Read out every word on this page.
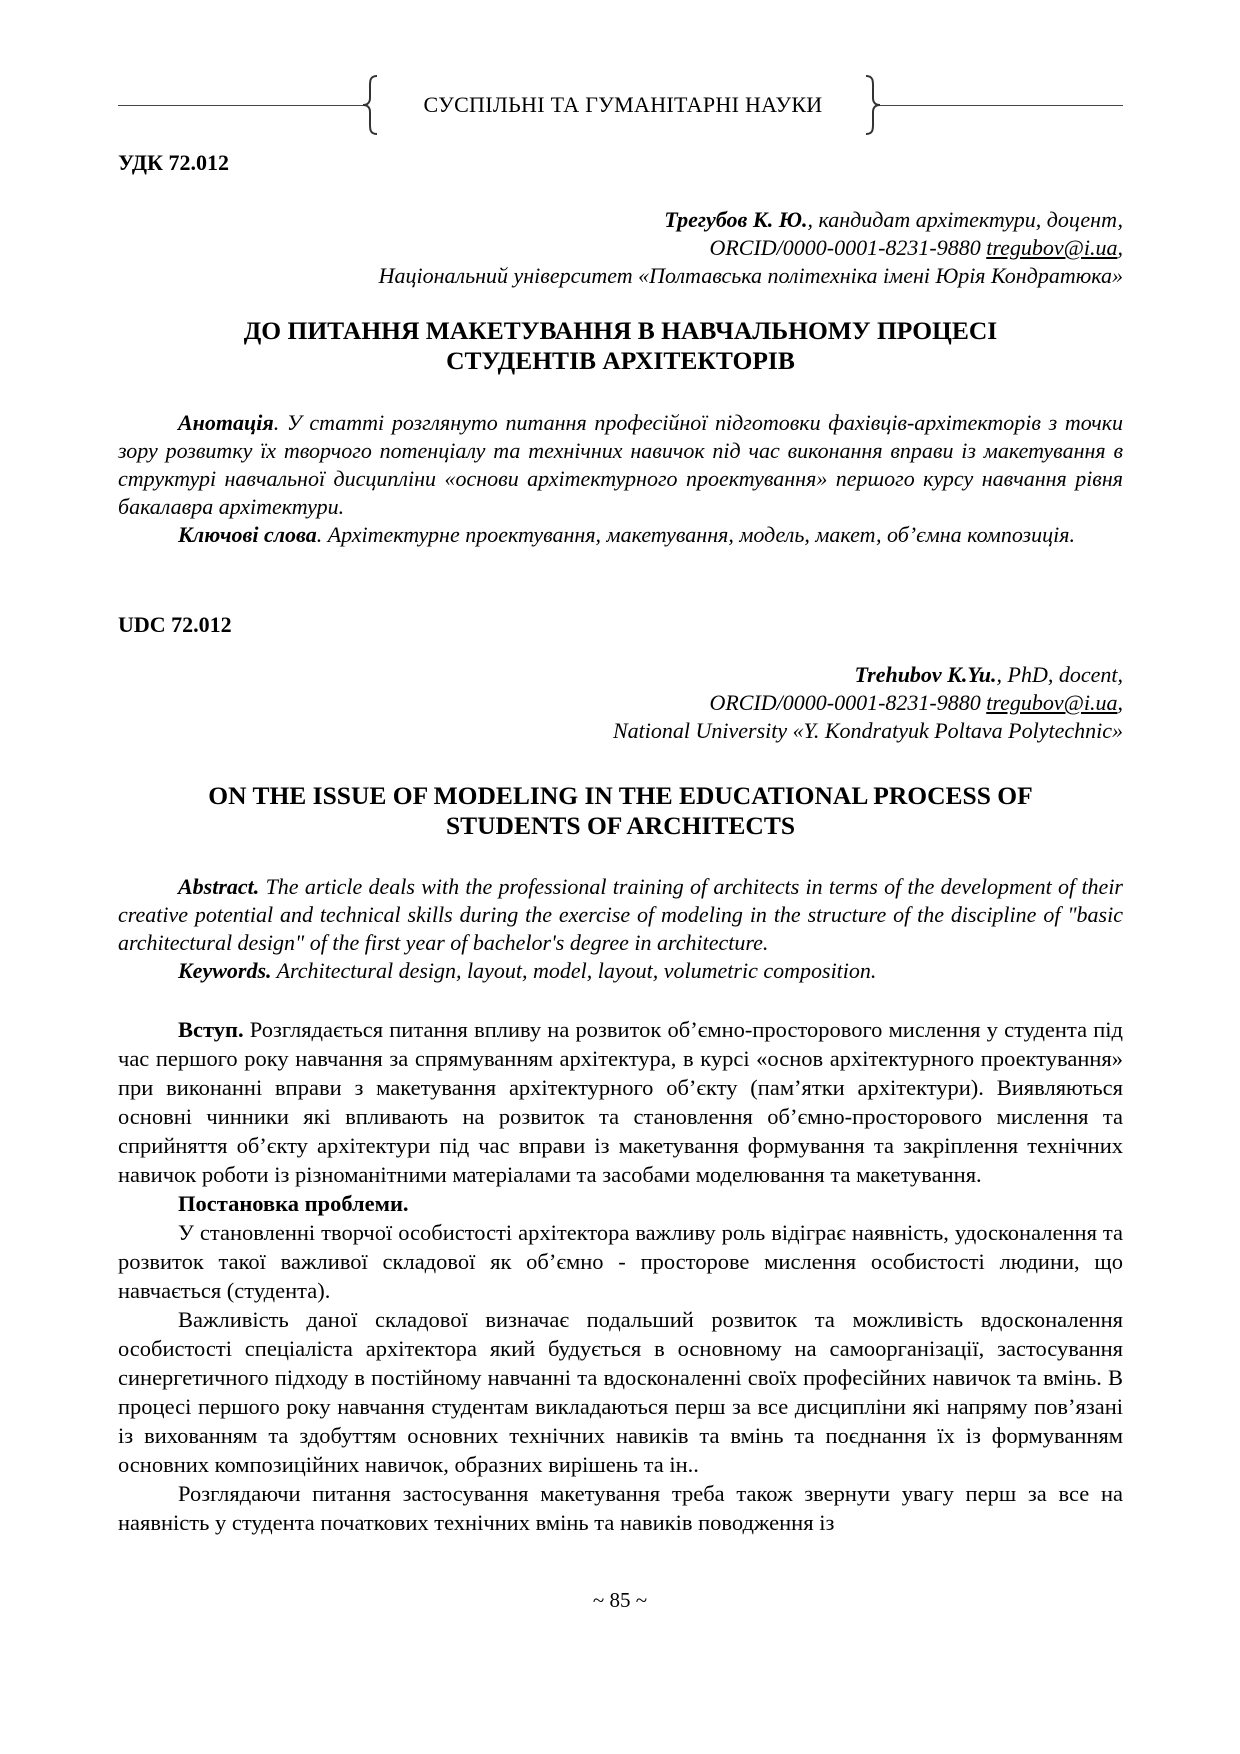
СУСПІЛЬНІ ТА ГУМАНІТАРНІ НАУКИ
УДК 72.012
Трегубов К. Ю., кандидат архітектури, доцент,
ORCID/0000-0001-8231-9880 tregubov@i.ua,
Національний університет «Полтавська політехніка імені Юрія Кондратюка»
ДО ПИТАННЯ МАКЕТУВАННЯ В НАВЧАЛЬНОМУ ПРОЦЕСІ
СТУДЕНТІВ АРХІТЕКТОРІВ

Анотація. У статті розглянуто питання професійної підготовки фахівців-архітекторів з точки зору розвитку їх творчого потенціалу та технічних навичок під час виконання вправи із макетування в структурі навчальної дисципліни «основи архітектурного проектування» першого курсу навчання рівня бакалавра архітектури.

Ключові слова. Архітектурне проектування, макетування, модель, макет, об’ємна композиція.

UDC 72.012
Trehubov K.Yu., PhD, docent,
ORCID/0000-0001-8231-9880 tregubov@i.ua,
National University «Y. Kondratyuk Poltava Polytechnic»
ON THE ISSUE OF MODELING IN THE EDUCATIONAL PROCESS OF
STUDENTS OF ARCHITECTS

Abstract. The article deals with the professional training of architects in terms of the development of their creative potential and technical skills during the exercise of modeling in the structure of the discipline of "basic architectural design" of the first year of bachelor's degree in architecture.

Keywords. Architectural design, layout, model, layout, volumetric composition.

Вступ. Розглядається питання впливу на розвиток об’ємно-просторового мислення у студента під час першого року навчання за спрямуванням архітектура, в курсі «основ архітектурного проектування» при виконанні вправи з макетування архітектурного об’єкту (пам’ятки архітектури). Виявляються основні чинники які впливають на розвиток та становлення об’ємно-просторового мислення та сприйняття об’єкту архітектури під час вправи із макетування формування та закріплення технічних навичок роботи із різноманітними матеріалами та засобами моделювання та макетування.

Постановка проблеми.

У становленні творчої особистості архітектора важливу роль відіграє наявність, удосконалення та розвиток такої важливої складової як об’ємно - просторове мислення особистості людини, що навчається (студента).

Важливість даної складової визначає подальший розвиток та можливість вдосконалення особистості спеціаліста архітектора який будується в основному на самоорганізації, застосування синергетичного підходу в постійному навчанні та вдосконаленні своїх професійних навичок та вмінь. В процесі першого року навчання студентам викладаються перш за все дисципліни які напряму пов’язані із вихованням та здобуттям основних технічних навиків та вмінь та поєднання їх із формуванням основних композиційних навичок, образних вирішень та ін..

Розглядаючи питання застосування макетування треба також звернути увагу перш за все на наявність у студента початкових технічних вмінь та навиків поводження із

~ 85 ~
